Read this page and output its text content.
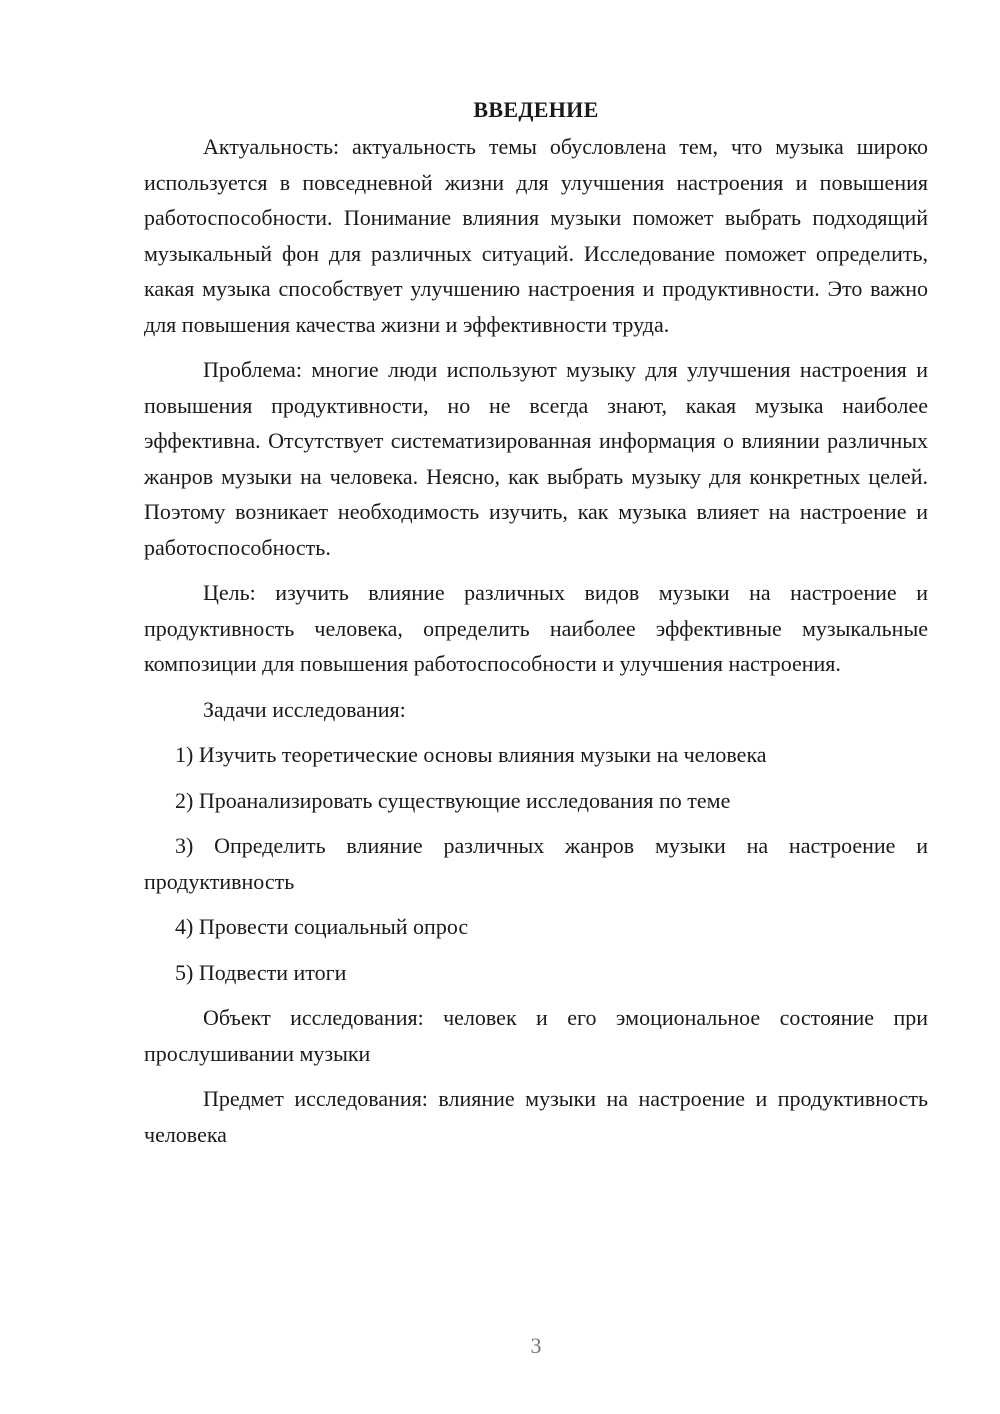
ВВЕДЕНИЕ

Актуальность: актуальность темы обусловлена тем, что музыка широко используется в повседневной жизни для улучшения настроения и повышения работоспособности. Понимание влияния музыки поможет выбрать подходящий музыкальный фон для различных ситуаций. Исследование поможет определить, какая музыка способствует улучшению настроения и продуктивности. Это важно для повышения качества жизни и эффективности труда.

Проблема: многие люди используют музыку для улучшения настроения и повышения продуктивности, но не всегда знают, какая музыка наиболее эффективна. Отсутствует систематизированная информация о влиянии различных жанров музыки на человека. Неясно, как выбрать музыку для конкретных целей. Поэтому возникает необходимость изучить, как музыка влияет на настроение и работоспособность.

Цель: изучить влияние различных видов музыки на настроение и продуктивность человека, определить наиболее эффективные музыкальные композиции для повышения работоспособности и улучшения настроения.

Задачи исследования:

1) Изучить теоретические основы влияния музыки на человека

2) Проанализировать существующие исследования по теме

3) Определить влияние различных жанров музыки на настроение и продуктивность

4) Провести социальный опрос

5) Подвести итоги

Объект исследования: человек и его эмоциональное состояние при прослушивании музыки

Предмет исследования: влияние музыки на настроение и продуктивность человека

3
